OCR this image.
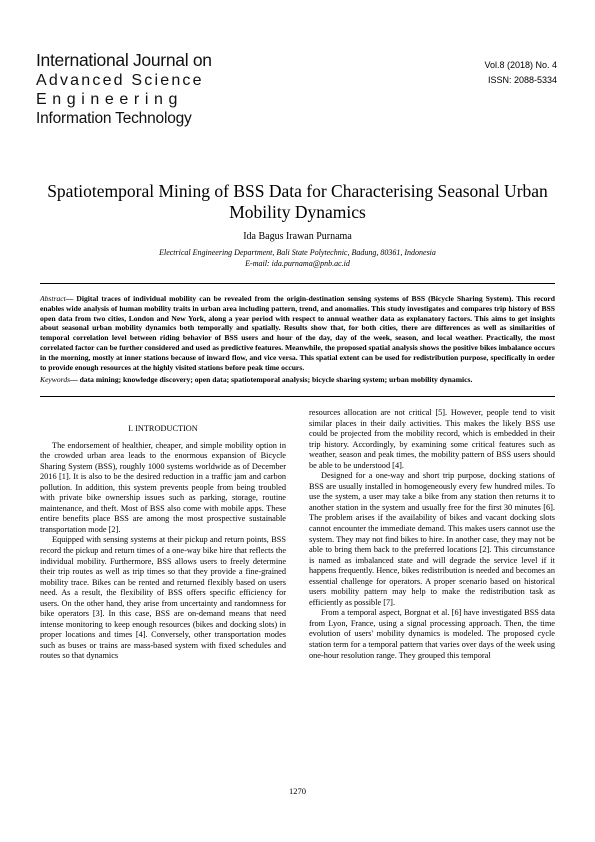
International Journal on
Advanced Science
Engineering
Information Technology
Vol.8 (2018) No. 4
ISSN: 2088-5334
Spatiotemporal Mining of BSS Data for Characterising Seasonal Urban Mobility Dynamics
Ida Bagus Irawan Purnama
Electrical Engineering Department, Bali State Polytechnic, Badung, 80361, Indonesia
E-mail: ida.purnama@pnb.ac.id

Abstract— Digital traces of individual mobility can be revealed from the origin-destination sensing systems of BSS (Bicycle Sharing System). This record enables wide analysis of human mobility traits in urban area including pattern, trend, and anomalies. This study investigates and compares trip history of BSS open data from two cities, London and New York, along a year period with respect to annual weather data as explanatory factors. This aims to get insights about seasonal urban mobility dynamics both temporally and spatially. Results show that, for both cities, there are differences as well as similarities of temporal correlation level between riding behavior of BSS users and hour of the day, day of the week, season, and local weather. Practically, the most correlated factor can be further considered and used as predictive features. Meanwhile, the proposed spatial analysis shows the positive bikes imbalance occurs in the morning, mostly at inner stations because of inward flow, and vice versa. This spatial extent can be used for redistribution purpose, specifically in order to provide enough resources at the highly visited stations before peak time occurs.

Keywords— data mining; knowledge discovery; open data; spatiotemporal analysis; bicycle sharing system; urban mobility dynamics.

I. INTRODUCTION

The endorsement of healthier, cheaper, and simple mobility option in the crowded urban area leads to the enormous expansion of Bicycle Sharing System (BSS), roughly 1000 systems worldwide as of December 2016 [1]. It is also to be the desired reduction in a traffic jam and carbon pollution. In addition, this system prevents people from being troubled with private bike ownership issues such as parking, storage, routine maintenance, and theft. Most of BSS also come with mobile apps. These entire benefits place BSS are among the most prospective sustainable transportation mode [2].

Equipped with sensing systems at their pickup and return points, BSS record the pickup and return times of a one-way bike hire that reflects the individual mobility. Furthermore, BSS allows users to freely determine their trip routes as well as trip times so that they provide a fine-grained mobility trace. Bikes can be rented and returned flexibly based on users need. As a result, the flexibility of BSS offers specific efficiency for users. On the other hand, they arise from uncertainty and randomness for bike operators [3]. In this case, BSS are on-demand means that need intense monitoring to keep enough resources (bikes and docking slots) in proper locations and times [4]. Conversely, other transportation modes such as buses or trains are mass-based system with fixed schedules and routes so that dynamics

resources allocation are not critical [5]. However, people tend to visit similar places in their daily activities. This makes the likely BSS use could be projected from the mobility record, which is embedded in their trip history. Accordingly, by examining some critical features such as weather, season and peak times, the mobility pattern of BSS users should be able to be understood [4].

Designed for a one-way and short trip purpose, docking stations of BSS are usually installed in homogeneously every few hundred miles. To use the system, a user may take a bike from any station then returns it to another station in the system and usually free for the first 30 minutes [6]. The problem arises if the availability of bikes and vacant docking slots cannot encounter the immediate demand. This makes users cannot use the system. They may not find bikes to hire. In another case, they may not be able to bring them back to the preferred locations [2]. This circumstance is named as imbalanced state and will degrade the service level if it happens frequently. Hence, bikes redistribution is needed and becomes an essential challenge for operators. A proper scenario based on historical users mobility pattern may help to make the redistribution task as efficiently as possible [7].

From a temporal aspect, Borgnat et al. [6] have investigated BSS data from Lyon, France, using a signal processing approach. Then, the time evolution of users' mobility dynamics is modeled. The proposed cycle station term for a temporal pattern that varies over days of the week using one-hour resolution range. They grouped this temporal

1270
